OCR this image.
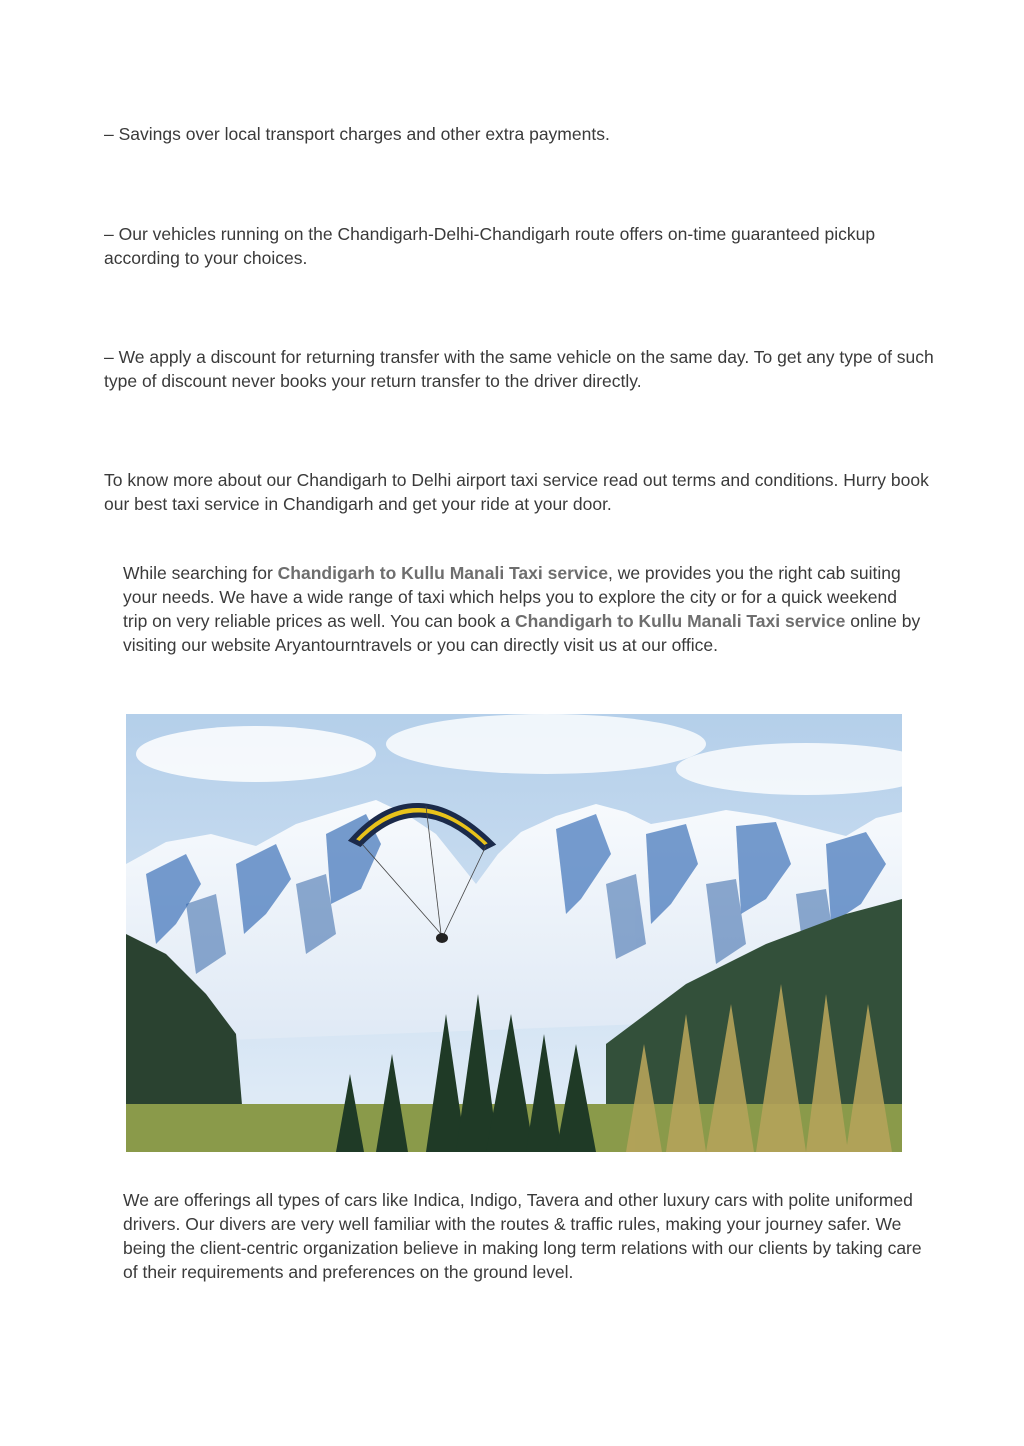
– Savings over local transport charges and other extra payments.

– Our vehicles running on the Chandigarh-Delhi-Chandigarh route offers on-time guaranteed pickup according to your choices.

– We apply a discount for returning transfer with the same vehicle on the same day. To get any type of such type of discount never books your return transfer to the driver directly.

To know more about our Chandigarh to Delhi airport taxi service read out terms and conditions. Hurry book our best taxi service in Chandigarh and get your ride at your door.

While searching for Chandigarh to Kullu Manali Taxi service, we provides you the right cab suiting your needs. We have a wide range of taxi which helps you to explore the city or for a quick weekend trip on very reliable prices as well. You can book a Chandigarh to Kullu Manali Taxi service online by visiting our website Aryantourntravels or you can directly visit us at our office.

We are offerings all types of cars like Indica, Indigo, Tavera and other luxury cars with polite uniformed drivers. Our divers are very well familiar with the routes & traffic rules, making your journey safer. We being the client-centric organization believe in making long term relations with our clients by taking care of their requirements and preferences on the ground level.
